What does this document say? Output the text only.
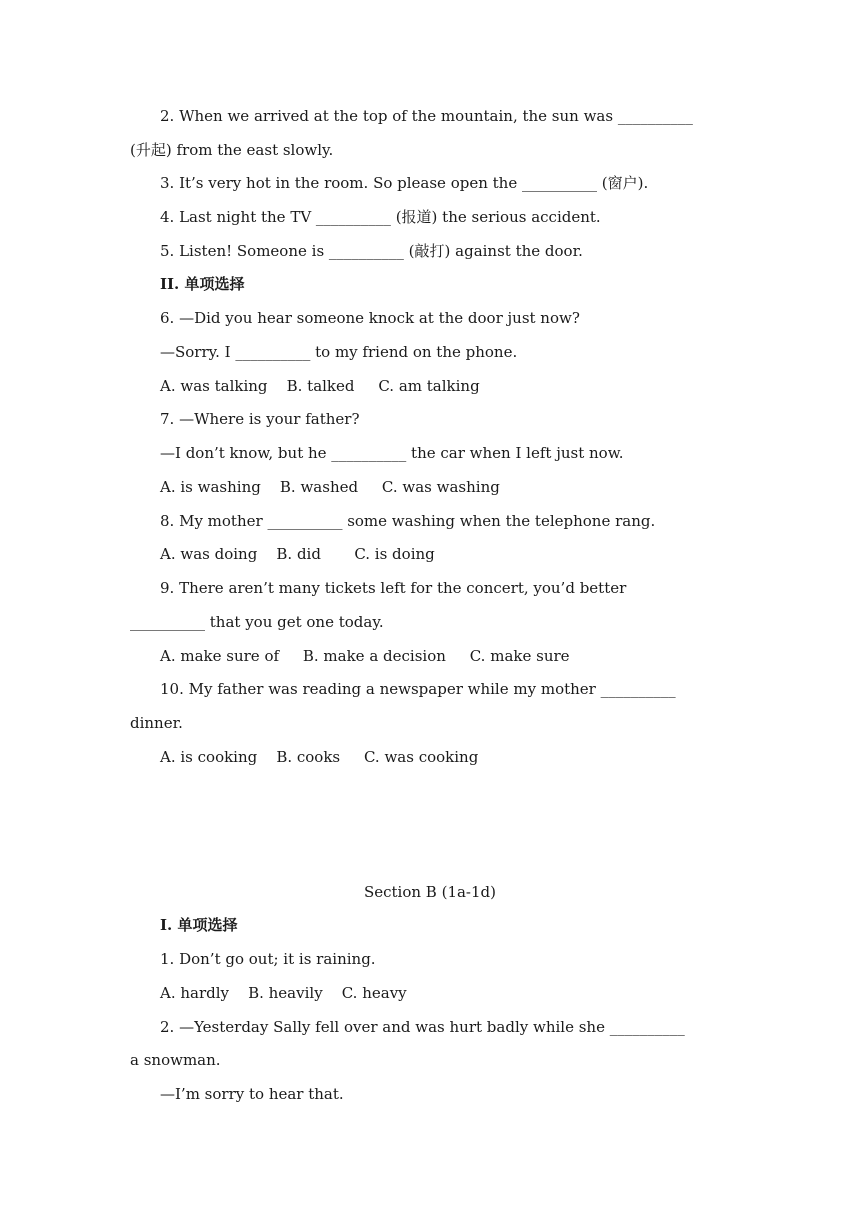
2. When we arrived at the top of the mountain, the sun was __________
(升起) from the east slowly.
3. It’s very hot in the room. So please open the __________ (窗户).
4. Last night the TV __________ (报道) the serious accident.
5. Listen! Someone is __________ (敲打) against the door.
II. 单项选择
6. —Did you hear someone knock at the door just now?
—Sorry. I __________ to my friend on the phone.
A. was talking    B. talked     C. am talking
7. —Where is your father?
—I don’t know, but he __________ the car when I left just now.
A. is washing    B. washed     C. was washing
8. My mother __________ some washing when the telephone rang.
A. was doing    B. did       C. is doing
9. There aren’t many tickets left for the concert, you’d better
__________ that you get one today.
A. make sure of     B. make a decision     C. make sure
10. My father was reading a newspaper while my mother __________
dinner.
A. is cooking    B. cooks     C. was cooking
Section B (1a-1d)
I. 单项选择
1. Don’t go out; it is raining.
A. hardly    B. heavily    C. heavy
2. —Yesterday Sally fell over and was hurt badly while she __________
a snowman.
—I’m sorry to hear that.
